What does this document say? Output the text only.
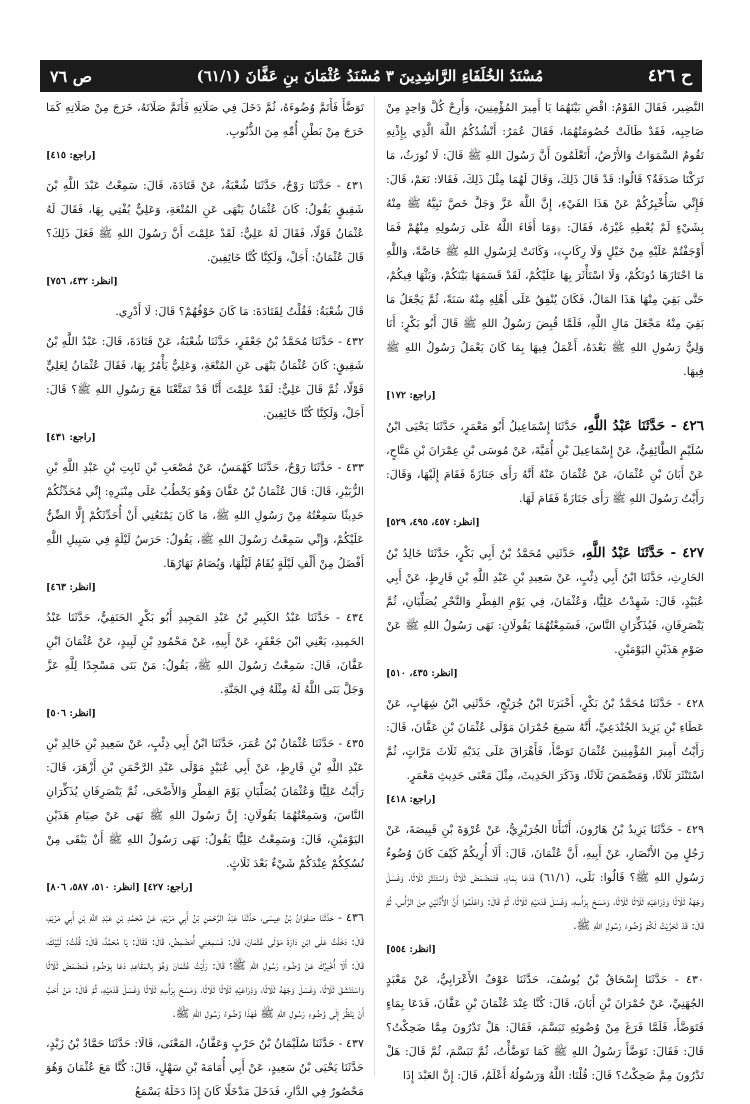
ح ٤٢٦
مُسْنَدُ الخُلَفَاءِ الرَّاشِدِينَ ٣ مُسْنَدُ عُثْمَانَ بنِ عَفَّانَ (٦١/١)
ص ٧٦
النَّضِير، فَقَالَ القَوْمُ: اقْضِ بَيْنَهُمَا يَا أَمِيرَ المُؤْمِنِينَ، وَأَرِحْ كُلَّ وَاحِدٍ مِنْ صَاحِبِه، فَقَدْ طَالَتْ خُصُومَتُهُمَا، فَقَالَ عُمَرُ: أَنْشُدُكُمُ اللَّهَ الَّذِي بِإِذْنِهِ تَقُومُ السَّمَوَاتُ وَالأَرْضُ، أَتَعْلَمُونَ أَنَّ رَسُولَ اللهِ ﷺ قَالَ: لَا نُورَثُ، مَا تَرَكْنَا صَدَقَةٌ؟ قَالُوا: قَدْ قَالَ ذَلِكَ، وَقَالَ لَهُمَا مِثْلَ ذَلِكَ، فَقَالا: نَعَمْ، قَالَ: فَإِنِّي سَأُخْبِرُكُمْ عَنْ هَذَا الفَيْءِ، إِنَّ اللَّهَ عَزَّ وَجَلَّ خَصَّ نَبِيَّهُ ﷺ مِنْهُ بِشَيْءٍ لَمْ يُعْطِهِ غَيْرَهُ، فَقَالَ: ﴿وَمَا أَفَاءَ اللَّهُ عَلَى رَسُولِهِ مِنْهُمْ فَمَا أَوْجَفْتُمْ عَلَيْهِ مِنْ خَيْلٍ وَلَا رِكَابٍ﴾، وَكَانَتْ لِرَسُولِ اللهِ ﷺ خَاصَّةً، وَاللَّهِ مَا احْتَازَهَا دُونَكُمْ، وَلَا اسْتَأْثَرَ بِهَا عَلَيْكُمْ، لَقَدْ قَسَمَهَا بَيْنَكُمْ، وَبَثَّهَا فِيكُمْ، حَتَّى بَقِيَ مِنْهَا هَذَا المَالُ، فَكَانَ يُنْفِقُ عَلَى أَهْلِهِ مِنْهُ سَنَةً، ثُمَّ يَجْعَلُ مَا بَقِيَ مِنْهُ مَجْعَلَ مَالِ اللَّهِ، فَلَمَّا قُبِضَ رَسُولُ اللهِ ﷺ قَالَ أَبُو بَكْرٍ: أَنَا وَلِيُّ رَسُولِ اللهِ ﷺ بَعْدَهُ، أَعْمَلُ فِيهَا بِمَا كَانَ يَعْمَلُ رَسُولُ اللهِ ﷺ فِيهَا.
[راجع: ١٧٢]
٤٢٦ - حَدَّثَنَا عَبْدُ اللَّهِ، حَدَّثَنَا إِسْمَاعِيلُ أَبُو مَعْمَرٍ، حَدَّثَنَا يَحْيَى ابْنُ سُلَيْمٍ الطَّائِفِيُّ، عَنْ إِسْمَاعِيلَ بْنِ أُمَيَّةَ، عَنْ مُوسَى بْنِ عِمْرَانَ بْنِ مَنَّاحٍ، عَنْ أَبَانَ بْنِ عُثْمَانَ، عَنْ عُثْمَانَ عَنْهُ أَنَّهُ رَأَى جَنَازَةً فَقَامَ إِلَيْهَا، وَقَالَ: رَأَيْتُ رَسُولَ اللهِ ﷺ رَأَى جَنَازَةً فَقَامَ لَهَا.
[انظر: ٤٥٧، ٤٩٥، ٥٢٩]
٤٢٧ - حَدَّثَنَا عَبْدُ اللَّهِ، حَدَّثَنِي مُحَمَّدُ بْنُ أَبِي بَكْرٍ، حَدَّثَنَا خَالِدُ بْنُ الحَارِثِ، حَدَّثَنَا ابْنُ أَبِي ذِئْبٍ، عَنْ سَعِيدِ بْنِ عَبْدِ اللَّهِ بْنِ قَارِظٍ، عَنْ أَبِي عُبَيْدٍ، قَالَ: شَهِدْتُ عَلِيًّا، وَعُثْمَانَ، فِي يَوْمِ الفِطْرِ وَالنَّحْرِ يُصَلِّيَانِ، ثُمَّ يَنْصَرِفَانِ، فَيُذَكِّرَانِ النَّاسَ، فَسَمِعْتُهُمَا يَقُولَانِ: نَهَى رَسُولُ اللهِ ﷺ عَنْ صَوْمِ هَذَيْنِ اليَوْمَيْنِ.
[انظر: ٤٣٥، ٥١٠]
٤٢٨ - حَدَّثَنَا مُحَمَّدُ بْنُ بَكْرٍ، أَخْبَرَنَا ابْنُ جُرَيْجٍ، حَدَّثَنِي ابْنُ شِهَابٍ، عَنْ عَطَاءِ بْنِ يَزِيدَ الجُنْدَعِيِّ، أَنَّهُ سَمِعَ حُمْرَانَ مَوْلَى عُثْمَانَ بْنِ عَفَّانَ، قَالَ: رَأَيْتُ أَمِيرَ المُؤْمِنِينَ عُثْمَانَ تَوَضَّأَ، فَأَهْرَاقَ عَلَى يَدَيْهِ ثَلَاثَ مَرَّاتٍ، ثُمَّ اسْتَنْثَرَ ثَلَاثًا، وَمَضْمَضَ ثَلَاثًا، وَذَكَرَ الحَدِيثَ، مِثْلَ مَعْنَى حَدِيثِ مَعْمَرٍ.
[راجع: ٤١٨]
٤٢٩ - حَدَّثَنَا يَزِيدُ بْنُ هَارُونَ، أَنْبَأَنَا الجُرَيْرِيُّ، عَنْ عُرْوَةَ بْنِ قَبِيصَةَ، عَنْ رَجُلٍ مِنَ الأَنْصَارِ، عَنْ أَبِيهِ، أَنَّ عُثْمَانَ، قَالَ: أَلَا أُرِيكُمْ كَيْفَ كَانَ وُضُوءُ رَسُولِ اللهِ ﷺ؟ قَالُوا: بَلَى، (٦١/١) فَدَعَا بِمَاءٍ، فَتَمَضْمَضَ ثَلَاثًا وَاسْتَنْثَرَ ثَلَاثًا، وَغَسَلَ وَجْهَهُ ثَلَاثًا وَذِرَاعَيْهِ ثَلَاثًا ثَلَاثًا، وَمَسَحَ بِرَأْسِهِ، وَغَسَلَ قَدَمَيْهِ ثَلَاثًا، ثُمَّ قَالَ: وَاعْلَمُوا أَنَّ الأُذُنَيْنِ مِنَ الرَّأْسِ، ثُمَّ قَالَ: قَدْ تَحَرَّيْتُ لَكُمْ وُضُوءَ رَسُولِ اللهِ ﷺ.
[انظر: ٥٥٤]
٤٣٠ - حَدَّثَنَا إِسْحَاقُ بْنُ يُوسُفَ، حَدَّثَنَا عَوْفٌ الأَعْرَابِيُّ، عَنْ مَعْبَدٍ الجُهَنِيِّ، عَنْ حُمْرَانَ بْنِ أَبَانَ، قَالَ: كُنَّا عِنْدَ عُثْمَانَ بْنِ عَفَّانَ، فَدَعَا بِمَاءٍ فَتَوَضَّأَ، فَلَمَّا فَرَغَ مِنْ وُضُوئِهِ تَبَسَّمَ، فَقَالَ: هَلْ تَدْرُونَ مِمَّا ضَحِكْتُ؟ قَالَ: فَقَالَ: تَوَضَّأَ رَسُولُ اللهِ ﷺ كَمَا تَوَضَّأْتُ، ثُمَّ تَبَسَّمَ، ثُمَّ قَالَ: هَلْ تَدْرُونَ مِمَّ ضَحِكْتُ؟ قَالَ: قُلْنَا: اللَّهُ وَرَسُولُهُ أَعْلَمُ، قَالَ: إِنَّ العَبْدَ إِذَا
تَوَضَّأَ فَأَتَمَّ وُضُوءَهُ، ثُمَّ دَخَلَ فِي صَلَاتِهِ فَأَتَمَّ صَلَاتَهُ، خَرَجَ مِنْ صَلَاتِهِ كَمَا خَرَجَ مِنْ بَطْنِ أُمِّهِ مِنَ الذُّنُوبِ.
[راجع: ٤١٥]
٤٣١ - حَدَّثَنَا رَوْحٌ، حَدَّثَنَا شُعْبَةُ، عَنْ قَتَادَةَ، قَالَ: سَمِعْتُ عَبْدَ اللَّهِ بْنَ شَقِيقٍ يَقُولُ: كَانَ عُثْمَانُ يَنْهَى عَنِ المُتْعَةِ، وَعَلِيٌّ يُفْتِي بِهَا، فَقَالَ لَهُ عُثْمَانُ قَوْلًا، فَقَالَ لَهُ عَلِيٌّ: لَقَدْ عَلِمْتَ أَنَّ رَسُولَ اللهِ ﷺ فَعَلَ ذَلِكَ؟ قَالَ عُثْمَانُ: أَجَلْ، وَلَكِنَّا كُنَّا خَائِفِينَ.
[انظر: ٤٣٢، ٧٥٦]
قَالَ شُعْبَةُ: فَقُلْتُ لِقَتَادَةَ: مَا كَانَ خَوْفُهُمْ؟ قَالَ: لَا أَدْرِي.
٤٣٢ - حَدَّثَنَا مُحَمَّدُ بْنُ جَعْفَرٍ، حَدَّثَنَا شُعْبَةُ، عَنْ قَتَادَةَ، قَالَ: عَبْدُ اللَّهِ بْنُ شَقِيقٍ: كَانَ عُثْمَانُ يَنْهَى عَنِ المُتْعَةِ، وَعَلِيٌّ يَأْمُرُ بِهَا، فَقَالَ عُثْمَانُ لِعَلِيٍّ قَوْلًا، ثُمَّ قَالَ عَلِيٌّ: لَقَدْ عَلِمْتَ أَنَّا قَدْ تَمَتَّعْنَا مَعَ رَسُولِ اللهِ ﷺ؟ قَالَ: أَجَلْ، وَلَكِنَّا كُنَّا خَائِفِينَ.
[راجع: ٤٣١]
٤٣٣ - حَدَّثَنَا رَوْحٌ، حَدَّثَنَا كَهْمَسٌ، عَنْ مُصْعَبِ بْنِ ثَابِتِ بْنِ عَبْدِ اللَّهِ بْنِ الزُّبَيْرِ، قَالَ: قَالَ عُثْمَانُ بْنُ عَفَّانَ وَهُوَ يَخْطُبُ عَلَى مِنْبَرِهِ: إِنِّي مُحَدِّثُكُمْ حَدِيثًا سَمِعْتُهُ مِنْ رَسُولِ اللهِ ﷺ، مَا كَانَ يَمْنَعُنِي أَنْ أُحَدِّثَكُمْ إِلَّا الضِّنُّ عَلَيْكُمْ، وَإِنِّي سَمِعْتُ رَسُولَ اللهِ ﷺ، يَقُولُ: حَرَسُ لَيْلَةٍ فِي سَبِيلِ اللَّهِ أَفْضَلُ مِنْ أَلْفِ لَيْلَةٍ يُقَامُ لَيْلُهَا، وَيُصَامُ نَهَارُهَا.
[انظر: ٤٦٣]
٤٣٤ - حَدَّثَنَا عَبْدُ الكَبِيرِ بْنُ عَبْدِ المَجِيدِ أَبُو بَكْرٍ الحَنَفِيُّ، حَدَّثَنَا عَبْدُ الحَمِيدِ، يَعْنِي ابْنَ جَعْفَرٍ، عَنْ أَبِيهِ، عَنْ مَحْمُودِ بْنِ لَبِيدٍ، عَنْ عُثْمَانَ ابْنِ عَفَّانَ، قَالَ: سَمِعْتُ رَسُولَ اللهِ ﷺ، يَقُولُ: مَنْ بَنَى مَسْجِدًا لِلَّهِ عَزَّ وَجَلَّ بَنَى اللَّهُ لَهُ مِثْلَهُ فِي الجَنَّةِ.
[انظر: ٥٠٦]
٤٣٥ - حَدَّثَنَا عُثْمَانُ بْنُ عُمَرَ، حَدَّثَنَا ابْنُ أَبِي ذِئْبٍ، عَنْ سَعِيدِ بْنِ خَالِدِ بْنِ عَبْدِ اللَّهِ بْنِ قَارِظٍ، عَنْ أَبِي عُبَيْدٍ مَوْلَى عَبْدِ الرَّحْمَنِ بْنِ أَزْهَرَ، قَالَ: رَأَيْتُ عَلِيًّا وَعُثْمَانَ يُصَلِّيَانِ يَوْمَ الفِطْرِ وَالأَضْحَى، ثُمَّ يَنْصَرِفَانِ يُذَكِّرَانِ النَّاسَ، وَسَمِعْتُهُمَا يَقُولَانِ: إِنَّ رَسُولَ اللهِ ﷺ نَهَى عَنْ صِيَامِ هَذَيْنِ اليَوْمَيْنِ، قَالَ: وَسَمِعْتُ عَلِيًّا يَقُولُ: نَهَى رَسُولُ اللهِ ﷺ أَنْ يَبْقَى مِنْ نُسُكِكُمْ عِنْدَكُمْ شَيْءٌ بَعْدَ ثَلَاثٍ.
[راجع: ٤٢٧] [انظر: ٥١٠، ٥٨٧، ٨٠٦]
٤٣٦ - حَدَّثَنَا صَفْوَانُ بْنُ عِيسَى، حَدَّثَنَا عَبْدُ الرَّحْمَنِ بْنُ أَبِي مَرْيَمَ، عَنْ مُحَمَّدِ بْنِ عَبْدِ اللَّهِ بْنِ أَبِي مَرْيَمَ، قَالَ: دَخَلْتُ عَلَى ابْنِ دَارَةَ مَوْلَى عُثْمَانَ، قَالَ: فَسَمِعَنِي أُمَضْمِضُ، قَالَ: فَقَالَ: يَا مُحَمَّدُ، قَالَ: قُلْتُ: لَبَّيْكَ، قَالَ: أَلَا أُخْبِرُكَ عَنْ وُضُوءِ رَسُولِ اللهِ ﷺ؟ قَالَ: رَأَيْتُ عُثْمَانَ وَهُوَ بِالمَقَاعِدِ دَعَا بِوَضُوءٍ فَمَضْمَضَ ثَلَاثًا وَاسْتَنْشَقَ ثَلَاثًا، وَغَسَلَ وَجْهَهُ ثَلَاثًا، وَذِرَاعَيْهِ ثَلَاثًا ثَلَاثًا، وَمَسَحَ بِرَأْسِهِ ثَلَاثًا وَغَسَلَ قَدَمَيْهِ، ثُمَّ قَالَ: مَنْ أَحَبَّ أَنْ يَنْظُرَ إِلَى وُضُوءِ رَسُولِ اللهِ ﷺ فَهَذَا وُضُوءُ رَسُولِ اللهِ ﷺ.
٤٣٧ - حَدَّثَنَا سُلَيْمَانُ بْنُ حَرْبٍ وَعَفَّانُ، المَعْنَى، قَالَا: حَدَّثَنَا حَمَّادُ بْنُ زَيْدٍ، حَدَّثَنَا يَحْيَى بْنُ سَعِيدٍ، عَنْ أَبِي أُمَامَةَ بْنِ سَهْلٍ، قَالَ: كُنَّا مَعَ عُثْمَانَ وَهُوَ مَحْصُورٌ فِي الدَّارِ، فَدَخَلَ مَدْخَلًا كَانَ إِذَا دَخَلَهُ يَسْمَعُ
